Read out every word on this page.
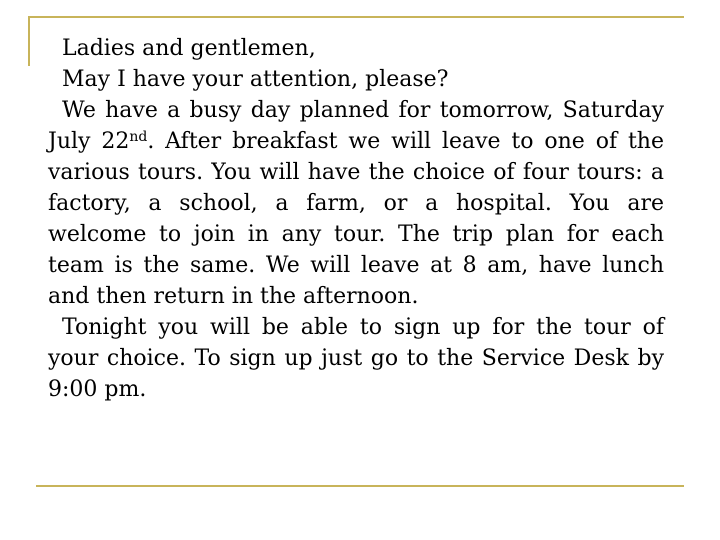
Ladies and gentlemen,

May I have your attention, please?

We have a busy day planned for tomorrow, Saturday July 22nd. After breakfast we will leave to one of the various tours. You will have the choice of four tours: a factory, a school, a farm, or a hospital. You are welcome to join in any tour. The trip plan for each team is the same. We will leave at 8 am, have lunch and then return in the afternoon.

Tonight you will be able to sign up for the tour of your choice. To sign up just go to the Service Desk by 9:00 pm.
